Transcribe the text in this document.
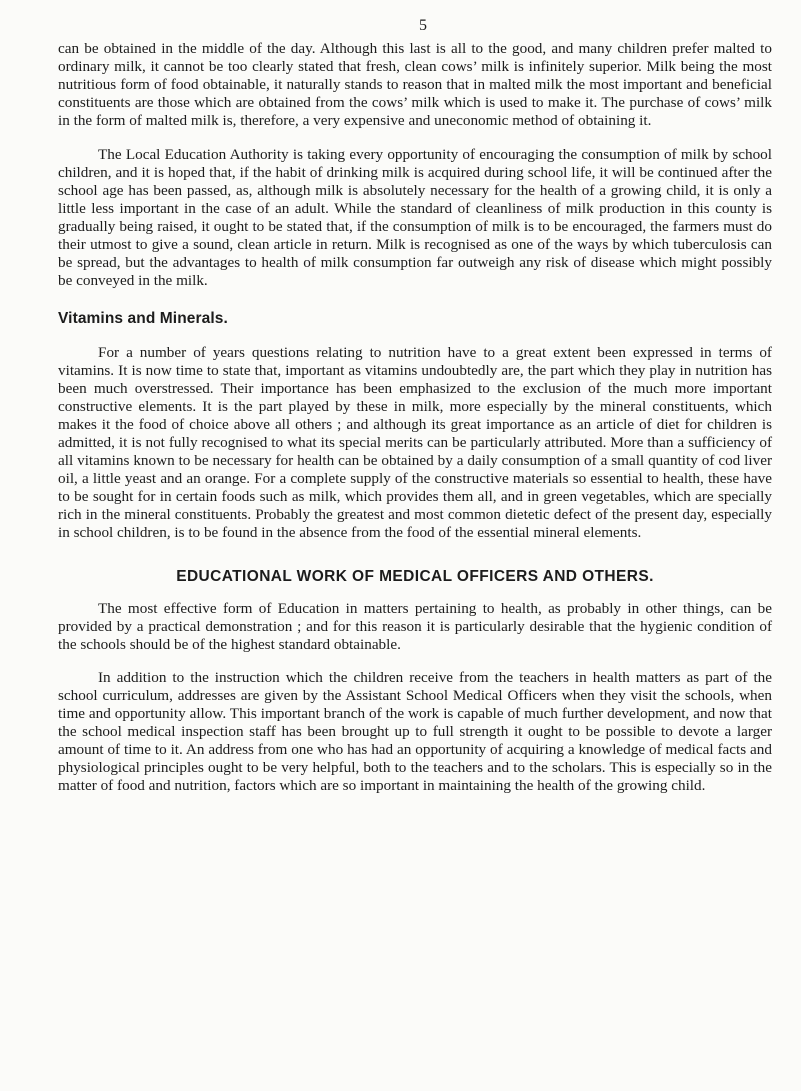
5

can be obtained in the middle of the day. Although this last is all to the good, and many children prefer malted to ordinary milk, it cannot be too clearly stated that fresh, clean cows’ milk is infinitely superior. Milk being the most nutritious form of food obtainable, it naturally stands to reason that in malted milk the most important and beneficial constituents are those which are obtained from the cows’ milk which is used to make it. The purchase of cows’ milk in the form of malted milk is, therefore, a very expensive and uneconomic method of obtaining it.

The Local Education Authority is taking every opportunity of encouraging the consumption of milk by school children, and it is hoped that, if the habit of drinking milk is acquired during school life, it will be continued after the school age has been passed, as, although milk is absolutely necessary for the health of a growing child, it is only a little less important in the case of an adult. While the standard of cleanliness of milk production in this county is gradually being raised, it ought to be stated that, if the consumption of milk is to be encouraged, the farmers must do their utmost to give a sound, clean article in return. Milk is recognised as one of the ways by which tuberculosis can be spread, but the advantages to health of milk consumption far outweigh any risk of disease which might possibly be conveyed in the milk.

Vitamins and Minerals.

For a number of years questions relating to nutrition have to a great extent been expressed in terms of vitamins. It is now time to state that, important as vitamins undoubtedly are, the part which they play in nutrition has been much overstressed. Their importance has been emphasized to the exclusion of the much more important constructive elements. It is the part played by these in milk, more especially by the mineral constituents, which makes it the food of choice above all others ; and although its great importance as an article of diet for children is admitted, it is not fully recognised to what its special merits can be particularly attributed. More than a sufficiency of all vitamins known to be necessary for health can be obtained by a daily consumption of a small quantity of cod liver oil, a little yeast and an orange. For a complete supply of the constructive materials so essential to health, these have to be sought for in certain foods such as milk, which provides them all, and in green vegetables, which are specially rich in the mineral constituents. Probably the greatest and most common dietetic defect of the present day, especially in school children, is to be found in the absence from the food of the essential mineral elements.

EDUCATIONAL WORK OF MEDICAL OFFICERS AND OTHERS.

The most effective form of Education in matters pertaining to health, as probably in other things, can be provided by a practical demonstration ; and for this reason it is particularly desirable that the hygienic condition of the schools should be of the highest standard obtainable.

In addition to the instruction which the children receive from the teachers in health matters as part of the school curriculum, addresses are given by the Assistant School Medical Officers when they visit the schools, when time and opportunity allow. This important branch of the work is capable of much further development, and now that the school medical inspection staff has been brought up to full strength it ought to be possible to devote a larger amount of time to it. An address from one who has had an opportunity of acquiring a knowledge of medical facts and physiological principles ought to be very helpful, both to the teachers and to the scholars. This is especially so in the matter of food and nutrition, factors which are so important in maintaining the health of the growing child.
